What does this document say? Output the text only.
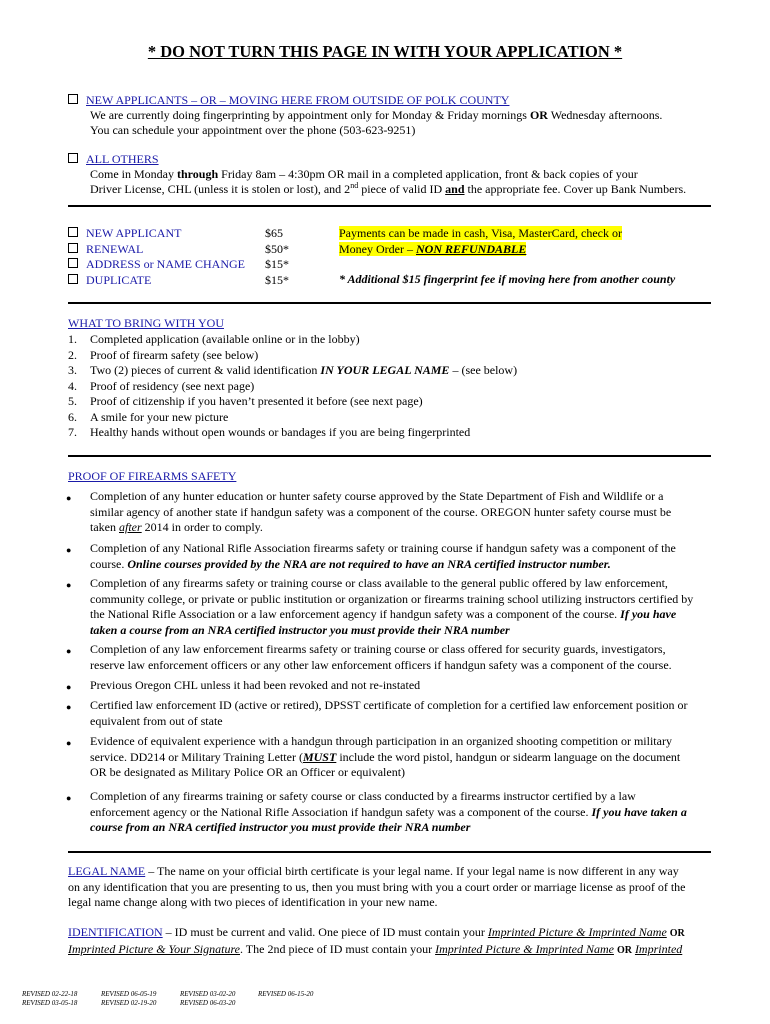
* DO NOT TURN THIS PAGE IN WITH YOUR APPLICATION *
NEW APPLICANTS – OR – MOVING HERE FROM OUTSIDE OF POLK COUNTY
We are currently doing fingerprinting by appointment only for Monday & Friday mornings OR Wednesday afternoons.
You can schedule your appointment over the phone (503-623-9251)
ALL OTHERS
Come in Monday through Friday 8am – 4:30pm OR mail in a completed application, front & back copies of your
Driver License, CHL (unless it is stolen or lost), and 2nd piece of valid ID and the appropriate fee. Cover up Bank Numbers.
NEW APPLICANT	$65
RENEWAL	$50*
ADDRESS or NAME CHANGE $15*
DUPLICATE	$15*
Payments can be made in cash, Visa, MasterCard, check or
Money Order – NON REFUNDABLE
* Additional $15 fingerprint fee if moving here from another county
WHAT TO BRING WITH YOU
1. Completed application (available online or in the lobby)
2. Proof of firearm safety (see below)
3. Two (2) pieces of current & valid identification IN YOUR LEGAL NAME – (see below)
4. Proof of residency (see next page)
5. Proof of citizenship if you haven’t presented it before (see next page)
6. A smile for your new picture
7. Healthy hands without open wounds or bandages if you are being fingerprinted
PROOF OF FIREARMS SAFETY
● Completion of any hunter education or hunter safety course approved by the State Department of Fish and Wildlife or a
similar agency of another state if handgun safety was a component of the course. OREGON hunter safety course must be
taken after 2014 in order to comply.
● Completion of any National Rifle Association firearms safety or training course if handgun safety was a component of the
course. Online courses provided by the NRA are not required to have an NRA certified instructor number.
● Completion of any firearms safety or training course or class available to the general public offered by law enforcement,
community college, or private or public institution or organization or firearms training school utilizing instructors certified by
the National Rifle Association or a law enforcement agency if handgun safety was a component of the course. If you have
taken a course from an NRA certified instructor you must provide their NRA number
● Completion of any law enforcement firearms safety or training course or class offered for security guards, investigators,
reserve law enforcement officers or any other law enforcement officers if handgun safety was a component of the course.
● Previous Oregon CHL unless it had been revoked and not re-instated
● Certified law enforcement ID (active or retired), DPSST certificate of completion for a certified law enforcement position or
equivalent from out of state
● Evidence of equivalent experience with a handgun through participation in an organized shooting competition or military
service. DD214 or Military Training Letter (MUST include the word pistol, handgun or sidearm language on the document
OR be designated as Military Police OR an Officer or equivalent)
● Completion of any firearms training or safety course or class conducted by a firearms instructor certified by a law
enforcement agency or the National Rifle Association if handgun safety was a component of the course. If you have taken a
course from an NRA certified instructor you must provide their NRA number
LEGAL NAME – The name on your official birth certificate is your legal name. If your legal name is now different in any way
on any identification that you are presenting to us, then you must bring with you a court order or marriage license as proof of the
legal name change along with two pieces of identification in your new name.
IDENTIFICATION – ID must be current and valid. One piece of ID must contain your Imprinted Picture & Imprinted Name OR
Imprinted Picture & Your Signature. The 2nd piece of ID must contain your Imprinted Picture & Imprinted Name OR Imprinted
REVISED 02-22-18
REVISED 03-05-18
REVISED 06-05-19
REVISED 02-19-20
REVISED 03-02-20
REVISED 06-03-20
REVISED 06-15-20
